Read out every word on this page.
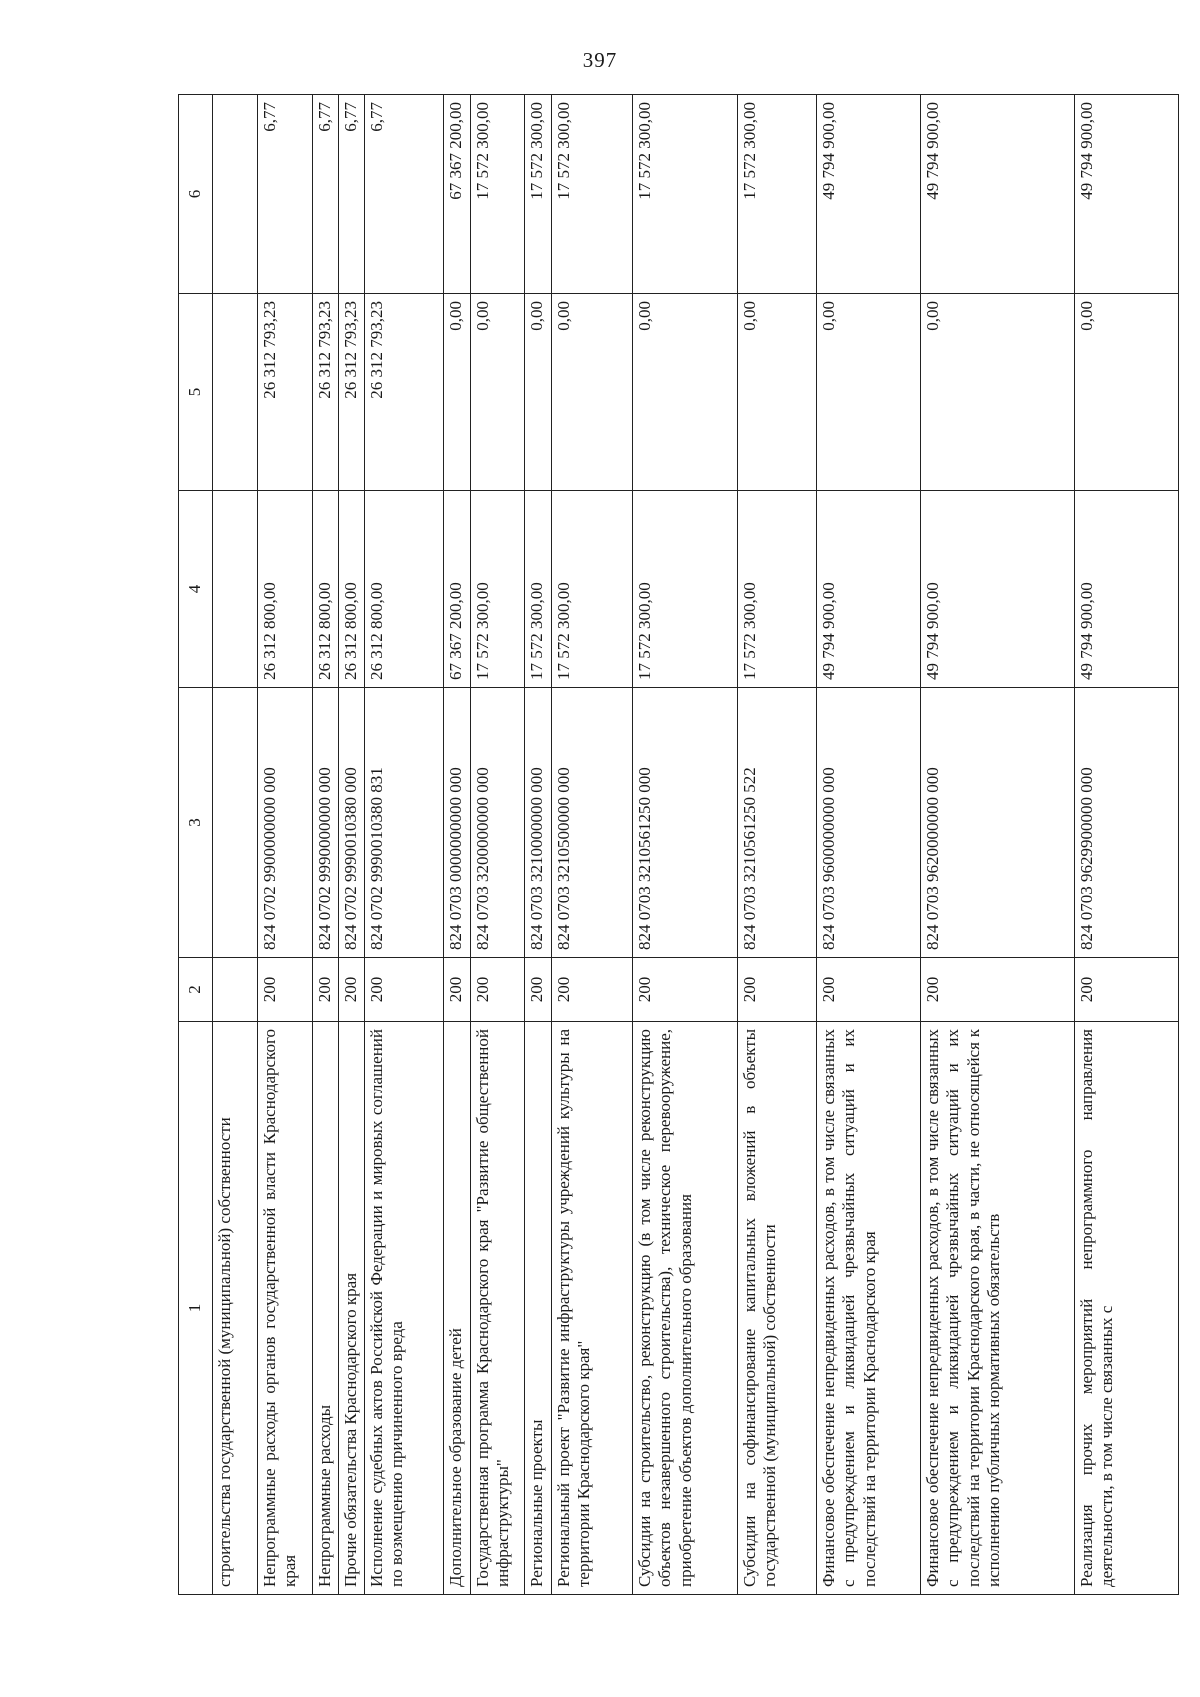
397
1	2	3	4	5	6
строительства государственной (муниципальной) собственности					
Непрограммные расходы органов государственной власти Краснодарского края	200	824 0702 9900000000 000	26 312 800,00	26 312 793,23	6,77
Непрограммные расходы	200	824 0702 9990000000 000	26 312 800,00	26 312 793,23	6,77
Прочие обязательства Краснодарского края	200	824 0702 9990010380 000	26 312 800,00	26 312 793,23	6,77
Исполнение судебных актов Российской Федерации и мировых соглашений по возмещению причиненного вреда	200	824 0702 9990010380 831	26 312 800,00	26 312 793,23	6,77
Дополнительное образование детей	200	824 0703 0000000000 000	67 367 200,00	0,00	67 367 200,00
Государственная программа Краснодарского края "Развитие общественной инфраструктуры"	200	824 0703 3200000000 000	17 572 300,00	0,00	17 572 300,00
Региональные проекты	200	824 0703 3210000000 000	17 572 300,00	0,00	17 572 300,00
Региональный проект "Развитие инфраструктуры учреждений культуры на территории Краснодарского края"	200	824 0703 3210500000 000	17 572 300,00	0,00	17 572 300,00
Субсидии на строительство, реконструкцию (в том числе реконструкцию объектов незавершенного строительства), техническое перевооружение, приобретение объектов дополнительного образования	200	824 0703 3210561250 000	17 572 300,00	0,00	17 572 300,00
Субсидии на софинансирование капитальных вложений в объекты государственной (муниципальной) собственности	200	824 0703 3210561250 522	17 572 300,00	0,00	17 572 300,00
Финансовое обеспечение непредвиденных расходов, в том числе связанных с предупреждением и ликвидацией чрезвычайных ситуаций и их последствий на территории Краснодарского края	200	824 0703 9600000000 000	49 794 900,00	0,00	49 794 900,00
Финансовое обеспечение непредвиденных расходов, в том числе связанных с предупреждением и ликвидацией чрезвычайных ситуаций и их последствий на территории Краснодарского края, в части, не относящейся к исполнению публичных нормативных обязательств	200	824 0703 9620000000 000	49 794 900,00	0,00	49 794 900,00
Реализация прочих мероприятий непрограммного направления деятельности, в том числе связанных с	200	824 0703 9629900000 000	49 794 900,00	0,00	49 794 900,00
